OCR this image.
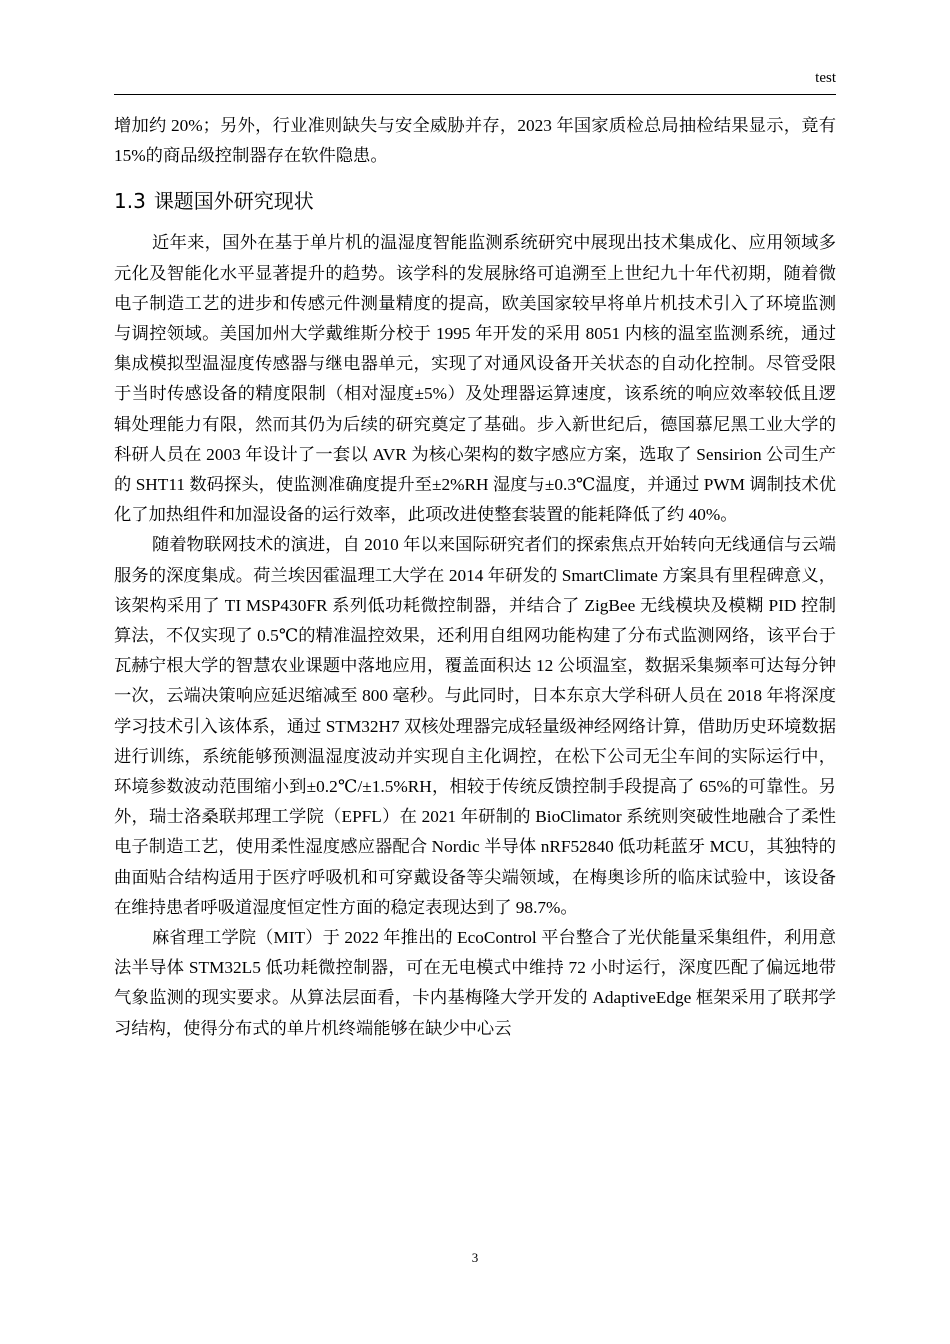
test

增加约 20%；另外，行业准则缺失与安全威胁并存，2023 年国家质检总局抽检结果显示，竟有 15%的商品级控制器存在软件隐患。

1.3 课题国外研究现状

近年来，国外在基于单片机的温湿度智能监测系统研究中展现出技术集成化、应用领域多元化及智能化水平显著提升的趋势。该学科的发展脉络可追溯至上世纪九十年代初期，随着微电子制造工艺的进步和传感元件测量精度的提高，欧美国家较早将单片机技术引入了环境监测与调控领域。美国加州大学戴维斯分校于 1995 年开发的采用 8051 内核的温室监测系统，通过集成模拟型温湿度传感器与继电器单元，实现了对通风设备开关状态的自动化控制。尽管受限于当时传感设备的精度限制（相对湿度±5%）及处理器运算速度，该系统的响应效率较低且逻辑处理能力有限，然而其仍为后续的研究奠定了基础。步入新世纪后，德国慕尼黑工业大学的科研人员在 2003 年设计了一套以 AVR 为核心架构的数字感应方案，选取了 Sensirion 公司生产的 SHT11 数码探头，使监测准确度提升至±2%RH 湿度与±0.3℃温度，并通过 PWM 调制技术优化了加热组件和加湿设备的运行效率，此项改进使整套装置的能耗降低了约 40%。

随着物联网技术的演进，自 2010 年以来国际研究者们的探索焦点开始转向无线通信与云端服务的深度集成。荷兰埃因霍温理工大学在 2014 年研发的 SmartClimate 方案具有里程碑意义，该架构采用了 TI MSP430FR 系列低功耗微控制器，并结合了 ZigBee 无线模块及模糊 PID 控制算法，不仅实现了 0.5℃的精准温控效果，还利用自组网功能构建了分布式监测网络，该平台于瓦赫宁根大学的智慧农业课题中落地应用，覆盖面积达 12 公顷温室，数据采集频率可达每分钟一次，云端决策响应延迟缩减至 800 毫秒。与此同时，日本东京大学科研人员在 2018 年将深度学习技术引入该体系，通过 STM32H7 双核处理器完成轻量级神经网络计算，借助历史环境数据进行训练，系统能够预测温湿度波动并实现自主化调控，在松下公司无尘车间的实际运行中，环境参数波动范围缩小到±0.2℃/±1.5%RH，相较于传统反馈控制手段提高了 65%的可靠性。另外，瑞士洛桑联邦理工学院（EPFL）在 2021 年研制的 BioClimator 系统则突破性地融合了柔性电子制造工艺，使用柔性湿度感应器配合 Nordic 半导体 nRF52840 低功耗蓝牙 MCU，其独特的曲面贴合结构适用于医疗呼吸机和可穿戴设备等尖端领域，在梅奥诊所的临床试验中，该设备在维持患者呼吸道湿度恒定性方面的稳定表现达到了 98.7%。

麻省理工学院（MIT）于 2022 年推出的 EcoControl 平台整合了光伏能量采集组件，利用意法半导体 STM32L5 低功耗微控制器，可在无电模式中维持 72 小时运行，深度匹配了偏远地带气象监测的现实要求。从算法层面看，卡内基梅隆大学开发的 AdaptiveEdge 框架采用了联邦学习结构，使得分布式的单片机终端能够在缺少中心云

3
